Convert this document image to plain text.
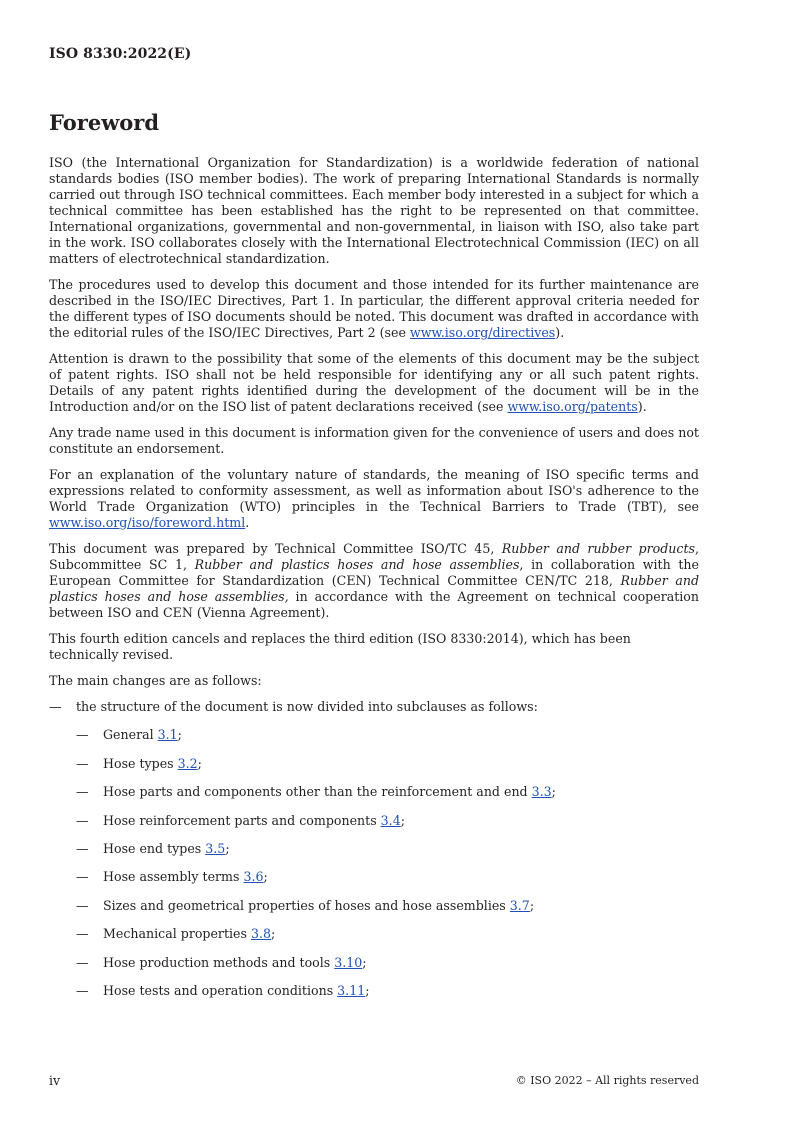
ISO 8330:2022(E)
Foreword

ISO (the International Organization for Standardization) is a worldwide federation of national standards bodies (ISO member bodies). The work of preparing International Standards is normally carried out through ISO technical committees. Each member body interested in a subject for which a technical committee has been established has the right to be represented on that committee. International organizations, governmental and non-governmental, in liaison with ISO, also take part in the work. ISO collaborates closely with the International Electrotechnical Commission (IEC) on all matters of electrotechnical standardization.

The procedures used to develop this document and those intended for its further maintenance are described in the ISO/IEC Directives, Part 1. In particular, the different approval criteria needed for the different types of ISO documents should be noted. This document was drafted in accordance with the editorial rules of the ISO/IEC Directives, Part 2 (see www.iso.org/directives).

Attention is drawn to the possibility that some of the elements of this document may be the subject of patent rights. ISO shall not be held responsible for identifying any or all such patent rights. Details of any patent rights identified during the development of the document will be in the Introduction and/or on the ISO list of patent declarations received (see www.iso.org/patents).

Any trade name used in this document is information given for the convenience of users and does not constitute an endorsement.

For an explanation of the voluntary nature of standards, the meaning of ISO specific terms and expressions related to conformity assessment, as well as information about ISO's adherence to the World Trade Organization (WTO) principles in the Technical Barriers to Trade (TBT), see www.iso.org/iso/foreword.html.

This document was prepared by Technical Committee ISO/TC 45, Rubber and rubber products, Subcommittee SC 1, Rubber and plastics hoses and hose assemblies, in collaboration with the European Committee for Standardization (CEN) Technical Committee CEN/TC 218, Rubber and plastics hoses and hose assemblies, in accordance with the Agreement on technical cooperation between ISO and CEN (Vienna Agreement).

This fourth edition cancels and replaces the third edition (ISO 8330:2014), which has been technically revised.

The main changes are as follows:

— the structure of the document is now divided into subclauses as follows:
— General 3.1;
— Hose types 3.2;
— Hose parts and components other than the reinforcement and end 3.3;
— Hose reinforcement parts and components 3.4;
— Hose end types 3.5;
— Hose assembly terms 3.6;
— Sizes and geometrical properties of hoses and hose assemblies 3.7;
— Mechanical properties 3.8;
— Hose production methods and tools 3.10;
— Hose tests and operation conditions 3.11;
iv	© ISO 2022 – All rights reserved
